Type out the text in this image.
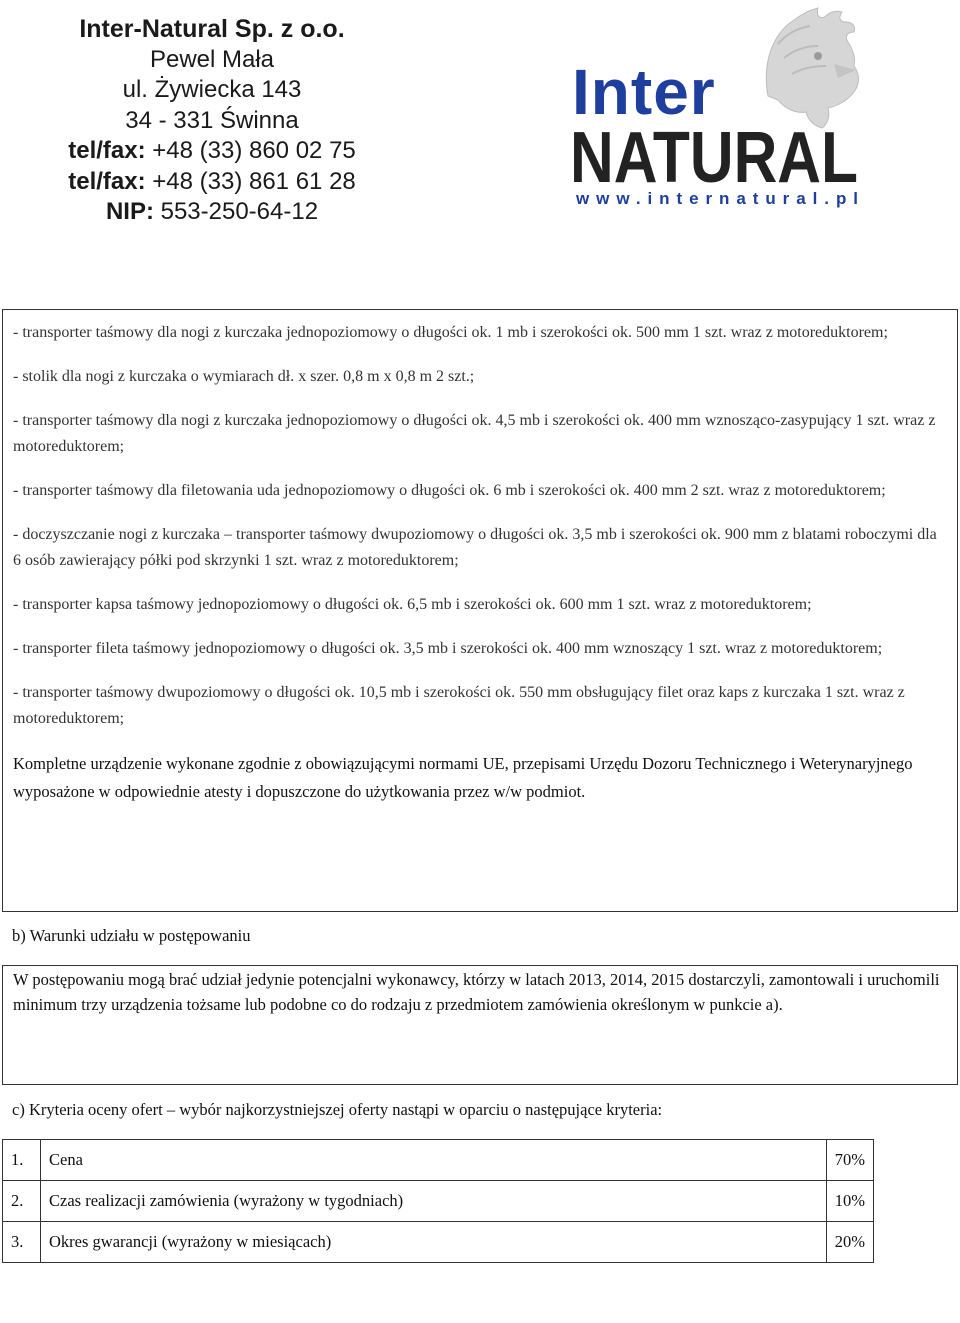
Inter-Natural Sp. z o.o.
Pewel Mała
ul. Żywiecka 143
34 - 331 Świnna
tel/fax: +48 (33) 860 02 75
tel/fax: +48 (33) 861 61 28
NIP: 553-250-64-12
Inter
NATURAL
www.internatural.pl
- transporter taśmowy dla nogi z kurczaka jednopoziomowy o długości ok. 1 mb i szerokości ok. 500 mm 1 szt. wraz z motoreduktorem;
- stolik dla nogi z kurczaka o wymiarach dł. x szer. 0,8 m x 0,8 m 2 szt.;
- transporter taśmowy dla nogi z kurczaka jednopoziomowy o długości ok. 4,5 mb i szerokości ok. 400 mm wznosząco-zasypujący 1 szt. wraz z motoreduktorem;
- transporter taśmowy dla filetowania uda jednopoziomowy o długości ok. 6 mb i szerokości ok. 400 mm 2 szt. wraz z motoreduktorem;
- doczyszczanie nogi z kurczaka – transporter taśmowy dwupoziomowy o długości ok. 3,5 mb i szerokości ok. 900 mm z blatami roboczymi dla 6 osób zawierający półki pod skrzynki 1 szt. wraz z motoreduktorem;
- transporter kapsa taśmowy jednopoziomowy o długości ok. 6,5 mb i szerokości ok. 600 mm 1 szt. wraz z motoreduktorem;
- transporter fileta taśmowy jednopoziomowy o długości ok. 3,5 mb i szerokości ok. 400 mm wznoszący 1 szt. wraz z motoreduktorem;
- transporter taśmowy dwupoziomowy o długości ok. 10,5 mb i szerokości ok. 550 mm obsługujący filet oraz kaps z kurczaka 1 szt. wraz z motoreduktorem;
Kompletne urządzenie wykonane zgodnie z obowiązującymi normami UE, przepisami Urzędu Dozoru Technicznego i Weterynaryjnego wyposażone w odpowiednie atesty i dopuszczone do użytkowania przez w/w podmiot.
b) Warunki udziału w postępowaniu
W postępowaniu mogą brać udział jedynie potencjalni wykonawcy, którzy w latach 2013, 2014, 2015 dostarczyli, zamontowali i uruchomili minimum trzy urządzenia tożsame lub podobne co do rodzaju z przedmiotem zamówienia określonym w punkcie a).
c) Kryteria oceny ofert – wybór najkorzystniejszej oferty nastąpi w oparciu o następujące kryteria:
1.	Cena	70%
2.	Czas realizacji zamówienia (wyrażony w tygodniach)	10%
3.	Okres gwarancji (wyrażony w miesiącach)	20%
